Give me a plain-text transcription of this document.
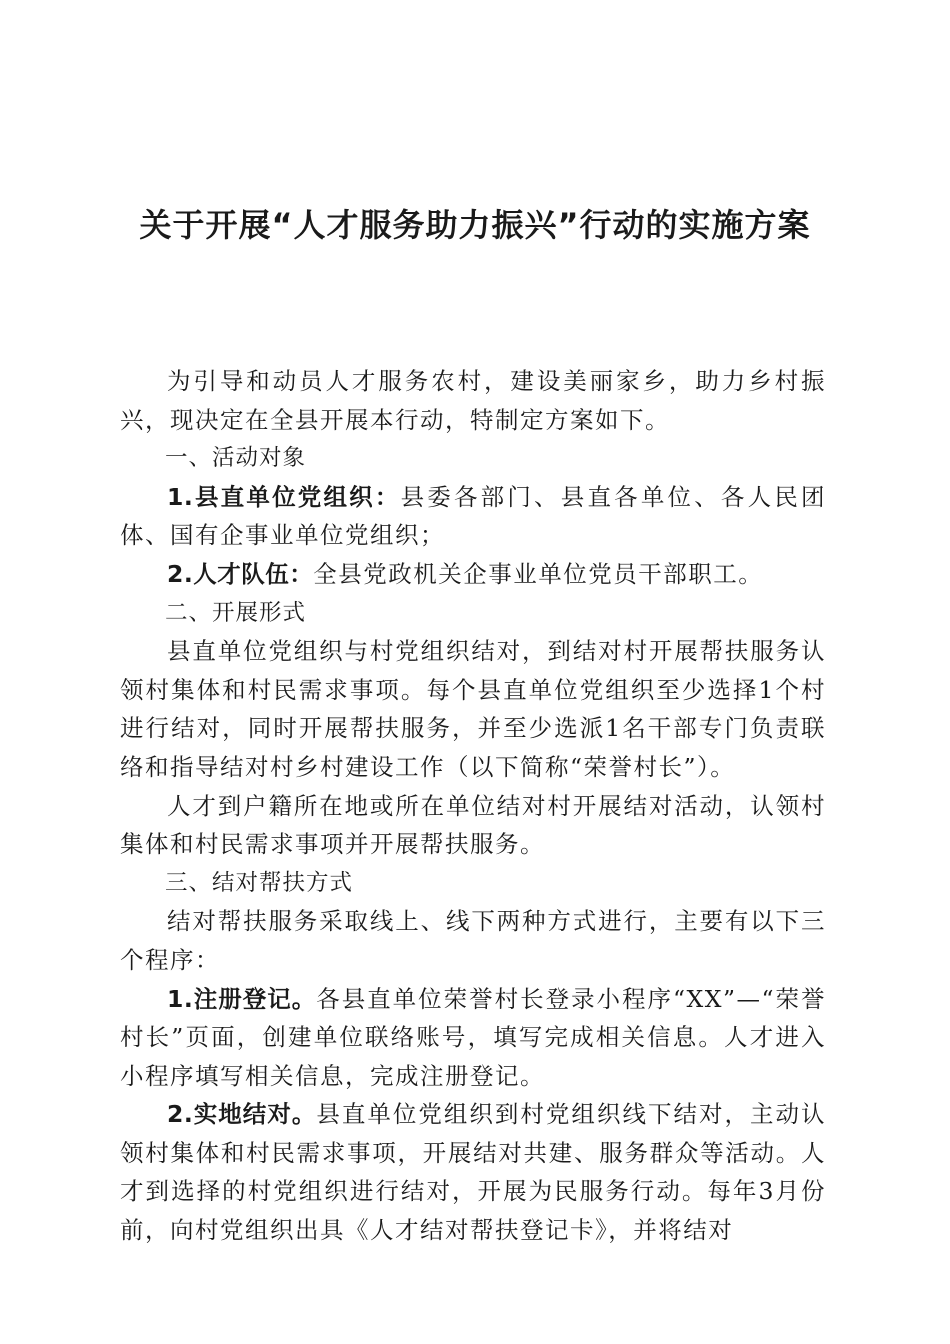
关于开展“人才服务助力振兴”行动的实施方案

为引导和动员人才服务农村，建设美丽家乡，助力乡村振兴，现决定在全县开展本行动，特制定方案如下。

一、活动对象

1.县直单位党组织：县委各部门、县直各单位、各人民团体、国有企事业单位党组织；

2.人才队伍：全县党政机关企事业单位党员干部职工。

二、开展形式

县直单位党组织与村党组织结对，到结对村开展帮扶服务认领村集体和村民需求事项。每个县直单位党组织至少选择1个村进行结对，同时开展帮扶服务，并至少选派1名干部专门负责联络和指导结对村乡村建设工作（以下简称“荣誉村长”）。

人才到户籍所在地或所在单位结对村开展结对活动，认领村集体和村民需求事项并开展帮扶服务。

三、结对帮扶方式

结对帮扶服务采取线上、线下两种方式进行，主要有以下三个程序：

1.注册登记。各县直单位荣誉村长登录小程序“XX”—“荣誉村长”页面，创建单位联络账号，填写完成相关信息。人才进入小程序填写相关信息，完成注册登记。

2.实地结对。县直单位党组织到村党组织线下结对，主动认领村集体和村民需求事项，开展结对共建、服务群众等活动。人才到选择的村党组织进行结对，开展为民服务行动。每年3月份前，向村党组织出具《人才结对帮扶登记卡》，并将结对
